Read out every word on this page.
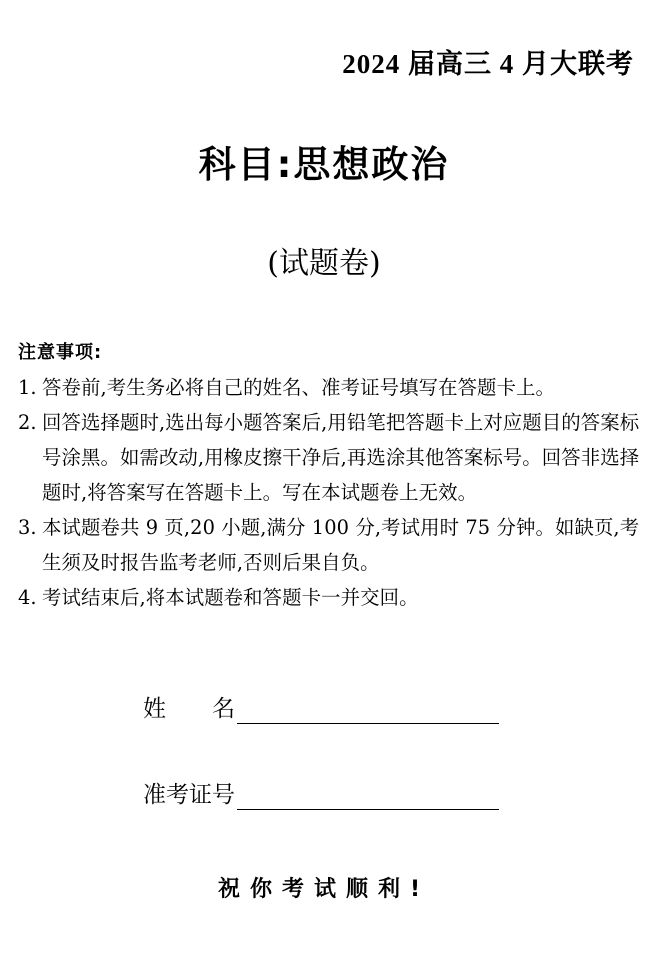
2024 届高三 4 月大联考
科目:思想政治
(试题卷)
注意事项:
1. 答卷前,考生务必将自己的姓名、准考证号填写在答题卡上。
2. 回答选择题时,选出每小题答案后,用铅笔把答题卡上对应题目的答案标号涂黑。如需改动,用橡皮擦干净后,再选涂其他答案标号。回答非选择题时,将答案写在答题卡上。写在本试题卷上无效。
3. 本试题卷共 9 页,20 小题,满分 100 分,考试用时 75 分钟。如缺页,考生须及时报告监考老师,否则后果自负。
4. 考试结束后,将本试题卷和答题卡一并交回。
姓　　名
准考证号
祝你考试顺利!
